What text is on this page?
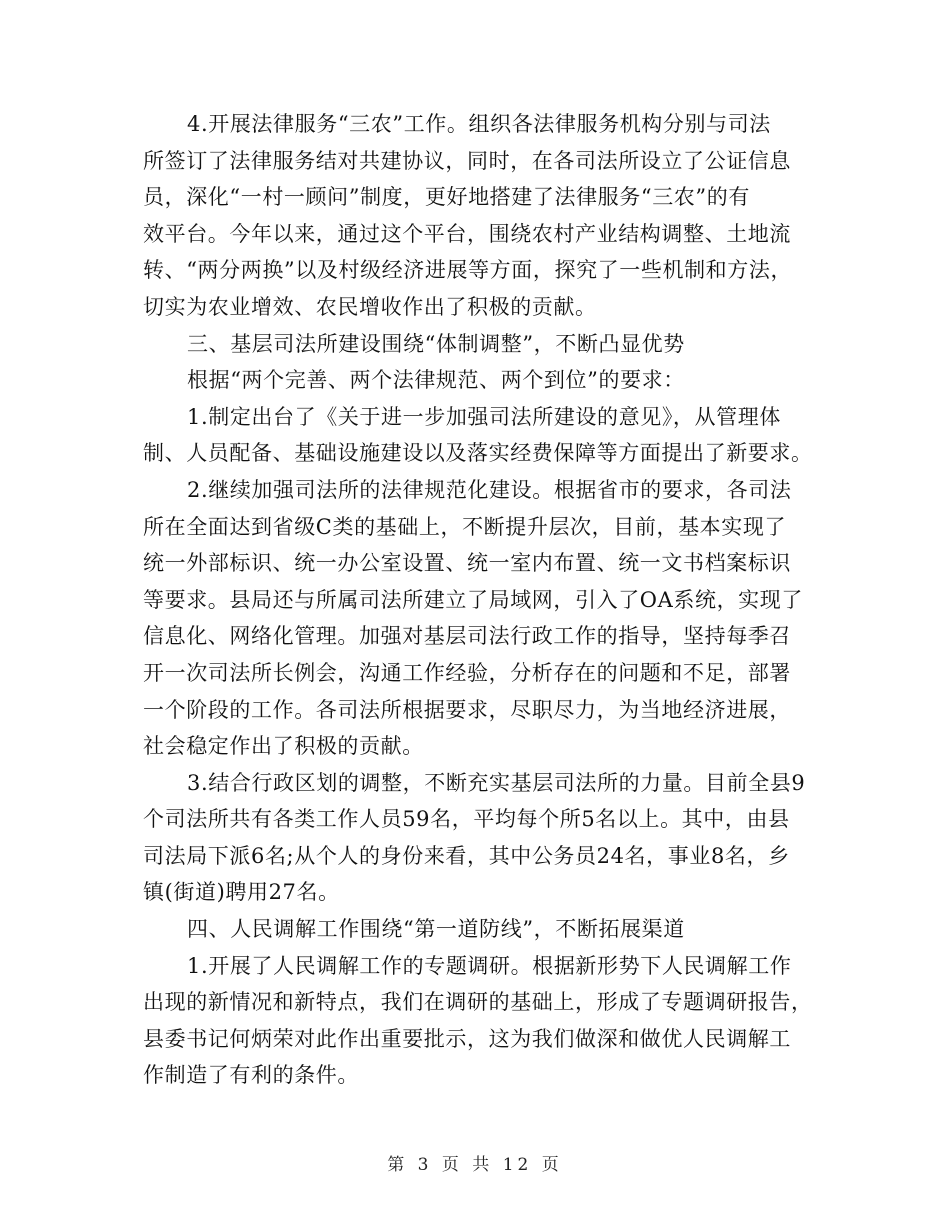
4.开展法律服务“三农”工作。组织各法律服务机构分别与司法
所签订了法律服务结对共建协议，同时，在各司法所设立了公证信息
员，深化“一村一顾问”制度，更好地搭建了法律服务“三农”的有
效平台。今年以来，通过这个平台，围绕农村产业结构调整、土地流
转、“两分两换”以及村级经济进展等方面，探究了一些机制和方法，
切实为农业增效、农民增收作出了积极的贡献。
三、基层司法所建设围绕“体制调整”，不断凸显优势
根据“两个完善、两个法律规范、两个到位”的要求：
1.制定出台了《关于进一步加强司法所建设的意见》，从管理体
制、人员配备、基础设施建设以及落实经费保障等方面提出了新要求。
2.继续加强司法所的法律规范化建设。根据省市的要求，各司法
所在全面达到省级C类的基础上，不断提升层次，目前，基本实现了
统一外部标识、统一办公室设置、统一室内布置、统一文书档案标识
等要求。县局还与所属司法所建立了局域网，引入了OA系统，实现了
信息化、网络化管理。加强对基层司法行政工作的指导，坚持每季召
开一次司法所长例会，沟通工作经验，分析存在的问题和不足，部署
一个阶段的工作。各司法所根据要求，尽职尽力，为当地经济进展，
社会稳定作出了积极的贡献。
3.结合行政区划的调整，不断充实基层司法所的力量。目前全县9
个司法所共有各类工作人员59名，平均每个所5名以上。其中，由县
司法局下派6名;从个人的身份来看，其中公务员24名，事业8名，乡
镇(街道)聘用27名。
四、人民调解工作围绕“第一道防线”，不断拓展渠道
1.开展了人民调解工作的专题调研。根据新形势下人民调解工作
出现的新情况和新特点，我们在调研的基础上，形成了专题调研报告，
县委书记何炳荣对此作出重要批示，这为我们做深和做优人民调解工
作制造了有利的条件。
第 3 页 共 12 页
